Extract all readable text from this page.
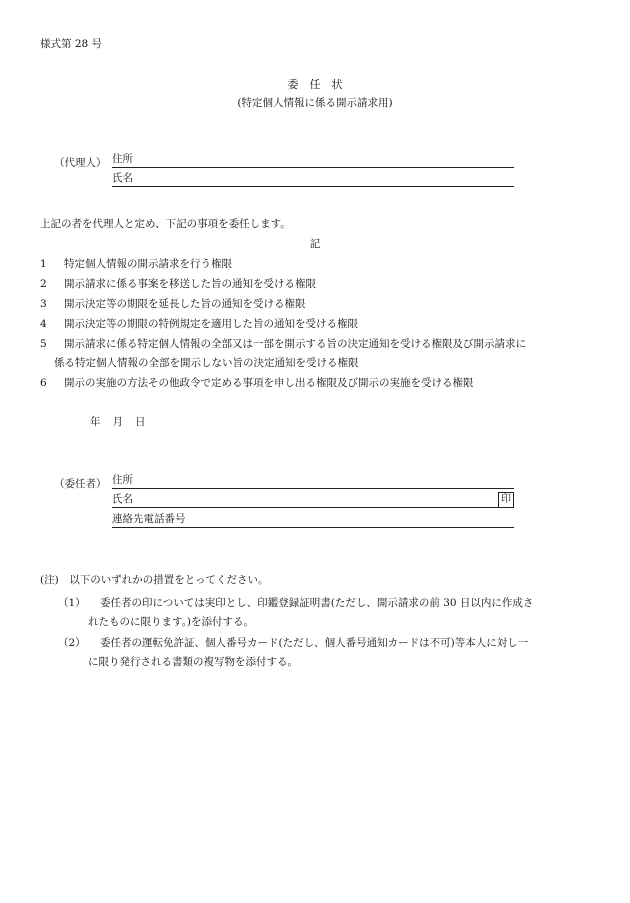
様式第 28 号
委　任　状
(特定個人情報に係る開示請求用)
（代理人） 住所
氏名
上記の者を代理人と定め、下記の事項を委任します。
記
1 特定個人情報の開示請求を行う権限
2 開示請求に係る事案を移送した旨の通知を受ける権限
3 開示決定等の期限を延長した旨の通知を受ける権限
4 開示決定等の期限の特例規定を適用した旨の通知を受ける権限
5 開示請求に係る特定個人情報の全部又は一部を開示する旨の決定通知を受ける権限及び開示請求に
係る特定個人情報の全部を開示しない旨の決定通知を受ける権限
6 開示の実施の方法その他政令で定める事項を申し出る権限及び開示の実施を受ける権限
年 月 日
（委任者） 住所
氏名	印
連絡先電話番号
(注)　以下のいずれかの措置をとってください。
（1） 委任者の印については実印とし、印鑑登録証明書(ただし、開示請求の前 30 日以内に作成さ
れたものに限ります。)を添付する。
（2） 委任者の運転免許証、個人番号カード(ただし、個人番号通知カードは不可)等本人に対し一
に限り発行される書類の複写物を添付する。
